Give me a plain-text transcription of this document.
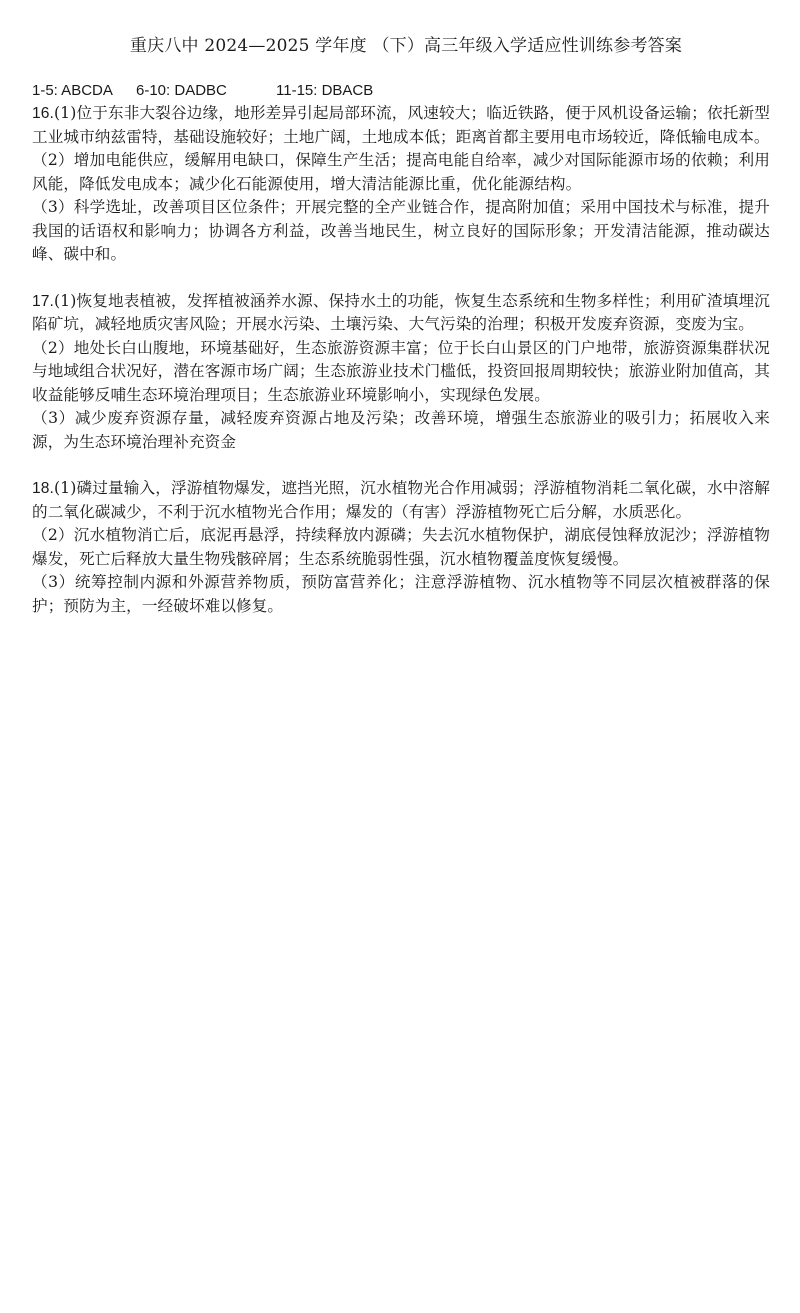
重庆八中 2024—2025 学年度 （下）高三年级入学适应性训练参考答案

1-5: ABCDA 6-10: DADBC	11-15: DBACB

16.(1)位于东非大裂谷边缘，地形差异引起局部环流，风速较大；临近铁路，便于风机设备运输；依托新型工业城市纳兹雷特，基础设施较好；土地广阔，土地成本低；距离首都主要用电市场较近，降低输电成本。

（2）增加电能供应，缓解用电缺口，保障生产生活；提高电能自给率，减少对国际能源市场的依赖；利用风能，降低发电成本；减少化石能源使用，增大清洁能源比重，优化能源结构。

（3）科学选址，改善项目区位条件；开展完整的全产业链合作，提高附加值；采用中国技术与标准，提升我国的话语权和影响力；协调各方利益，改善当地民生，树立良好的国际形象；开发清洁能源，推动碳达峰、碳中和。

17.(1)恢复地表植被，发挥植被涵养水源、保持水土的功能，恢复生态系统和生物多样性；利用矿渣填埋沉陷矿坑，减轻地质灾害风险；开展水污染、土壤污染、大气污染的治理；积极开发废弃资源，变废为宝。

（2）地处长白山腹地，环境基础好，生态旅游资源丰富；位于长白山景区的门户地带，旅游资源集群状况与地域组合状况好，潜在客源市场广阔；生态旅游业技术门槛低，投资回报周期较快；旅游业附加值高，其收益能够反哺生态环境治理项目；生态旅游业环境影响小，实现绿色发展。

（3）减少废弃资源存量，减轻废弃资源占地及污染；改善环境，增强生态旅游业的吸引力；拓展收入来源，为生态环境治理补充资金

18.(1)磷过量输入，浮游植物爆发，遮挡光照，沉水植物光合作用减弱；浮游植物消耗二氧化碳，水中溶解的二氧化碳减少，不利于沉水植物光合作用；爆发的（有害）浮游植物死亡后分解，水质恶化。

（2）沉水植物消亡后，底泥再悬浮，持续释放内源磷；失去沉水植物保护，湖底侵蚀释放泥沙；浮游植物爆发，死亡后释放大量生物残骸碎屑；生态系统脆弱性强，沉水植物覆盖度恢复缓慢。

（3）统筹控制内源和外源营养物质，预防富营养化；注意浮游植物、沉水植物等不同层次植被群落的保护；预防为主，一经破坏难以修复。
